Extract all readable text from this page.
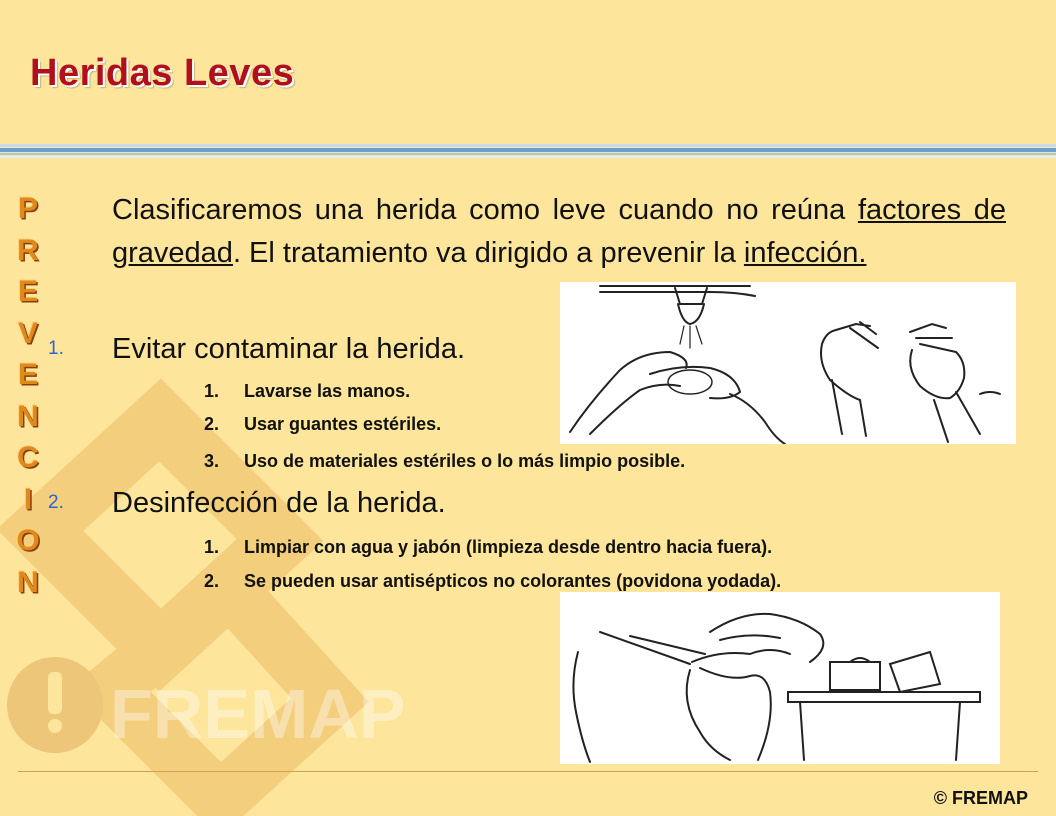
FREMAP
Heridas Leves
P
R
E
V
E
N
C
I
O
N

Clasificaremos una herida como leve cuando no reúna factores de gravedad. El tratamiento va dirigido a prevenir la infección.

1. Evitar contaminar la herida.

1. Lavarse las manos.

2. Usar guantes estériles.

3. Uso de materiales estériles o lo más limpio posible.

2. Desinfección de la herida.

1. Limpiar con agua y jabón (limpieza desde dentro hacia fuera).

2. Se pueden usar antisépticos no colorantes (povidona yodada).

© FREMAP
